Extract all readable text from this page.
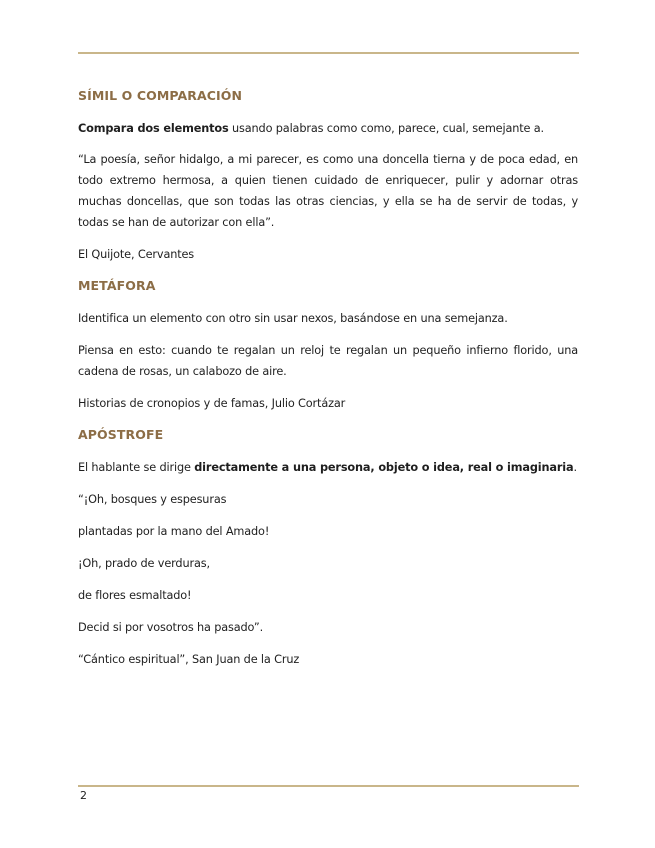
SÍMIL O COMPARACIÓN

Compara dos elementos usando palabras como como, parece, cual, semejante a.

“La poesía, señor hidalgo, a mi parecer, es como una doncella tierna y de poca edad, en todo extremo hermosa, a quien tienen cuidado de enriquecer, pulir y adornar otras muchas doncellas, que son todas las otras ciencias, y ella se ha de servir de todas, y todas se han de autorizar con ella”.

El Quijote, Cervantes

METÁFORA

Identifica un elemento con otro sin usar nexos, basándose en una semejanza.

Piensa en esto: cuando te regalan un reloj te regalan un pequeño infierno florido, una cadena de rosas, un calabozo de aire.

Historias de cronopios y de famas, Julio Cortázar

APÓSTROFE

El hablante se dirige directamente a una persona, objeto o idea, real o imaginaria.

“¡Oh, bosques y espesuras

plantadas por la mano del Amado!

¡Oh, prado de verduras,

de flores esmaltado!

Decid si por vosotros ha pasado”.

“Cántico espiritual”, San Juan de la Cruz

2
